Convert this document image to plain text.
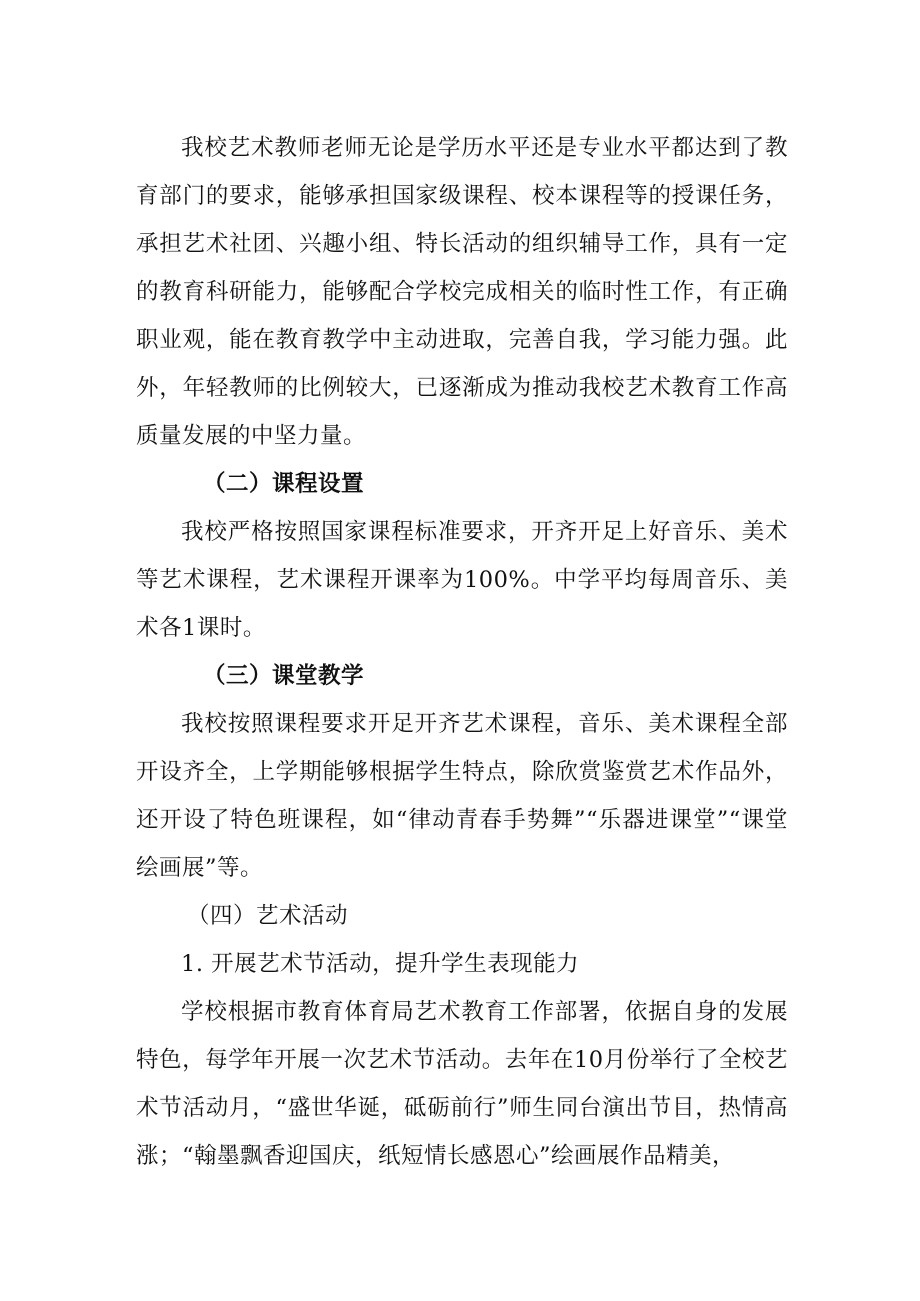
我校艺术教师老师无论是学历水平还是专业水平都达到了教育部门的要求，能够承担国家级课程、校本课程等的授课任务，承担艺术社团、兴趣小组、特长活动的组织辅导工作，具有一定的教育科研能力，能够配合学校完成相关的临时性工作，有正确职业观，能在教育教学中主动进取，完善自我，学习能力强。此外，年轻教师的比例较大，已逐渐成为推动我校艺术教育工作高质量发展的中坚力量。

（二）课程设置

我校严格按照国家课程标准要求，开齐开足上好音乐、美术等艺术课程，艺术课程开课率为100%。中学平均每周音乐、美术各1课时。

（三）课堂教学

我校按照课程要求开足开齐艺术课程，音乐、美术课程全部开设齐全，上学期能够根据学生特点，除欣赏鉴赏艺术作品外，还开设了特色班课程，如“律动青春手势舞”“乐器进课堂”“课堂绘画展”等。

（四）艺术活动

1. 开展艺术节活动，提升学生表现能力

学校根据市教育体育局艺术教育工作部署，依据自身的发展特色，每学年开展一次艺术节活动。去年在10月份举行了全校艺术节活动月，“盛世华诞，砥砺前行”师生同台演出节目，热情高涨；“翰墨飘香迎国庆，纸短情长感恩心”绘画展作品精美，
